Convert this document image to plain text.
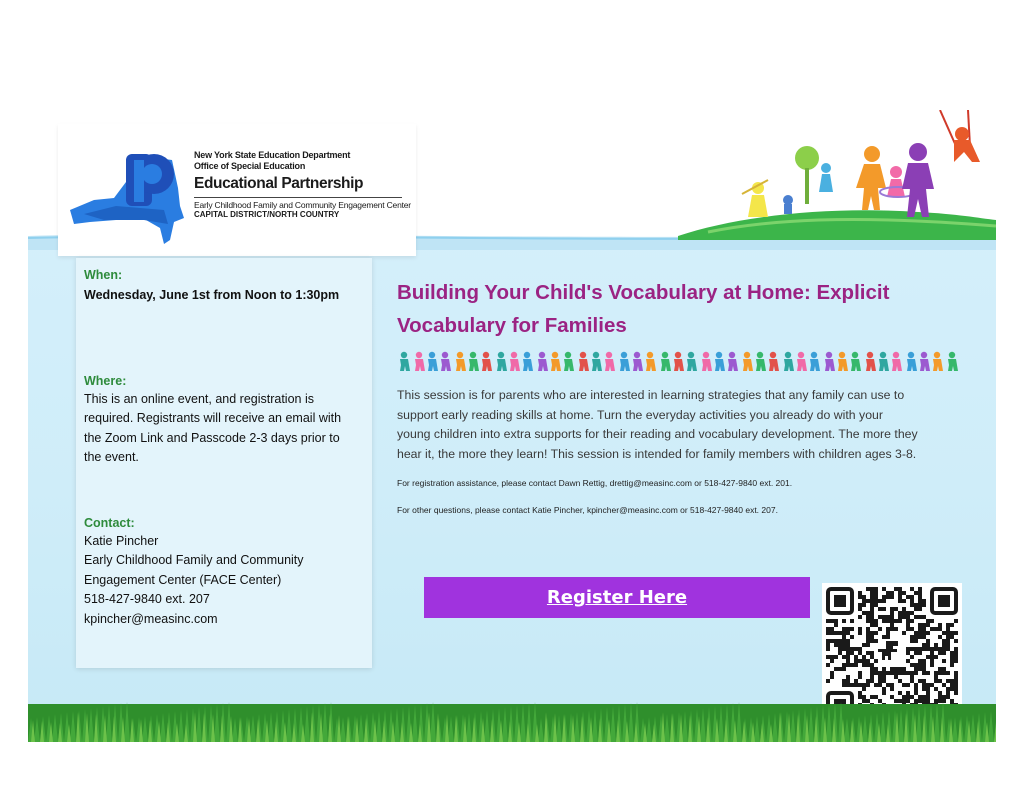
New York State Education Department
Office of Special Education
Educational Partnership
Early Childhood Family and Community Engagement Center
CAPITAL DISTRICT/NORTH COUNTRY
When:
Wednesday, June 1st from Noon to 1:30pm
Where:
This is an online event, and registration is
required. Registrants will receive an email with
the Zoom Link and Passcode 2-3 days prior to
the event.
Contact:
Katie Pincher
Early Childhood Family and Community
Engagement Center (FACE Center)
518-427-9840 ext. 207
kpincher@measinc.com
Building Your Child's Vocabulary at Home: Explicit
Vocabulary for Families
This session is for parents who are interested in learning strategies that any family can use to
support early reading skills at home. Turn the everyday activities you already do with your
young children into extra supports for their reading and vocabulary development. The more they
hear it, the more they learn! This session is intended for family members with children ages 3-8.
For registration assistance, please contact Dawn Rettig, drettig@measinc.com or 518-427-9840 ext. 201.
For other questions, please contact Katie Pincher, kpincher@measinc.com or 518-427-9840 ext. 207.
Register Here
